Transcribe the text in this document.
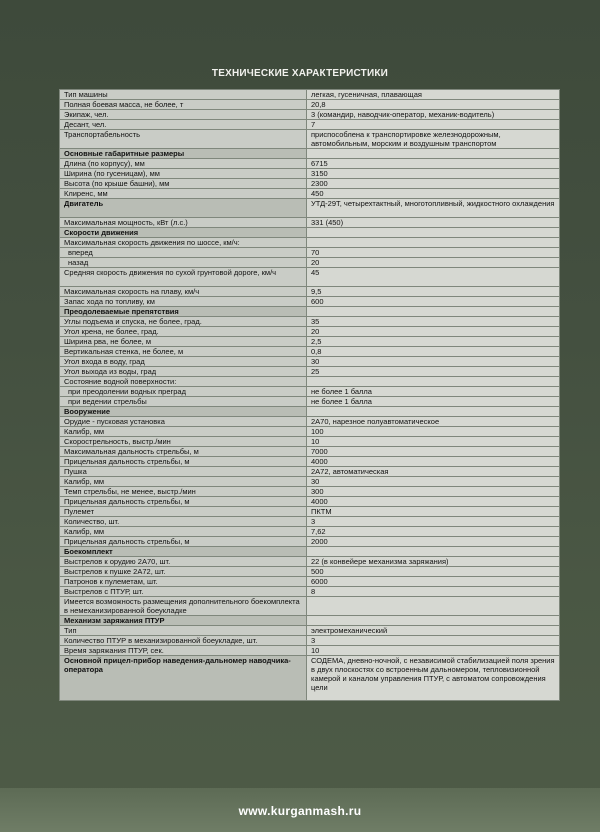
ТЕХНИЧЕСКИЕ ХАРАКТЕРИСТИКИ
Тип машины	легкая, гусеничная, плавающая
Полная боевая масса, не более, т	20,8
Экипаж, чел.	3 (командир, наводчик-оператор, механик-водитель)
Десант, чел.	7
Транспортабельность	приспособлена к транспортировке железнодорожным, автомобильным, морским и воздушным транспортом
Основные габаритные размеры	
Длина (по корпусу), мм	6715
Ширина (по гусеницам), мм	3150
Высота (по крыше башни), мм	2300
Клиренс, мм	450
Двигатель	УТД-29Т, четырехтактный, многотопливный, жидкостного охлаждения
Максимальная мощность, кВт (л.с.)	331 (450)
Скорости движения	
Максимальная скорость движения по шоссе, км/ч:	
вперед	70
назад	20
Средняя скорость движения по сухой грунтовой дороге, км/ч	45
Максимальная скорость на плаву, км/ч	9,5
Запас хода по топливу, км	600
Преодолеваемые препятствия	
Углы подъема и спуска, не более, град.	35
Угол крена, не более, град.	20
Ширина рва, не более, м	2,5
Вертикальная стенка, не более, м	0,8
Угол входа в воду, град	30
Угол выхода из воды, град	25
Состояние водной поверхности:	
при преодолении водных преград	не более 1 балла
при ведении стрельбы	не более 1 балла
Вооружение	
Орудие - пусковая установка	2А70, нарезное полуавтоматическое
Калибр, мм	100
Скорострельность, выстр./мин	10
Максимальная дальность стрельбы, м	7000
Прицельная дальность стрельбы, м	4000
Пушка	2А72, автоматическая
Калибр, мм	30
Темп стрельбы, не менее, выстр./мин	300
Прицельная дальность стрельбы, м	4000
Пулемет	ПКТМ
Количество, шт.	3
Калибр, мм	7,62
Прицельная дальность стрельбы, м	2000
Боекомплект	
Выстрелов к орудию 2А70, шт.	22 (в конвейере механизма заряжания)
Выстрелов к пушке 2А72, шт.	500
Патронов к пулеметам, шт.	6000
Выстрелов с ПТУР, шт.	8
Имеется возможность размещения дополнительного боекомплекта в немеханизированной боеукладке	
Механизм заряжания ПТУР	
Тип	электромеханический
Количество ПТУР в механизированной боеукладке, шт.	3
Время заряжания ПТУР, сек.	10
Основной прицел-прибор наведения-дальномер наводчика-оператора	СОДЕМА, дневно-ночной, с независимой стабилизацией поля зрения в двух плоскостях со встроенным дальномером, тепловизионной камерой и каналом управления ПТУР, с автоматом сопровождения цели
www.kurganmash.ru
